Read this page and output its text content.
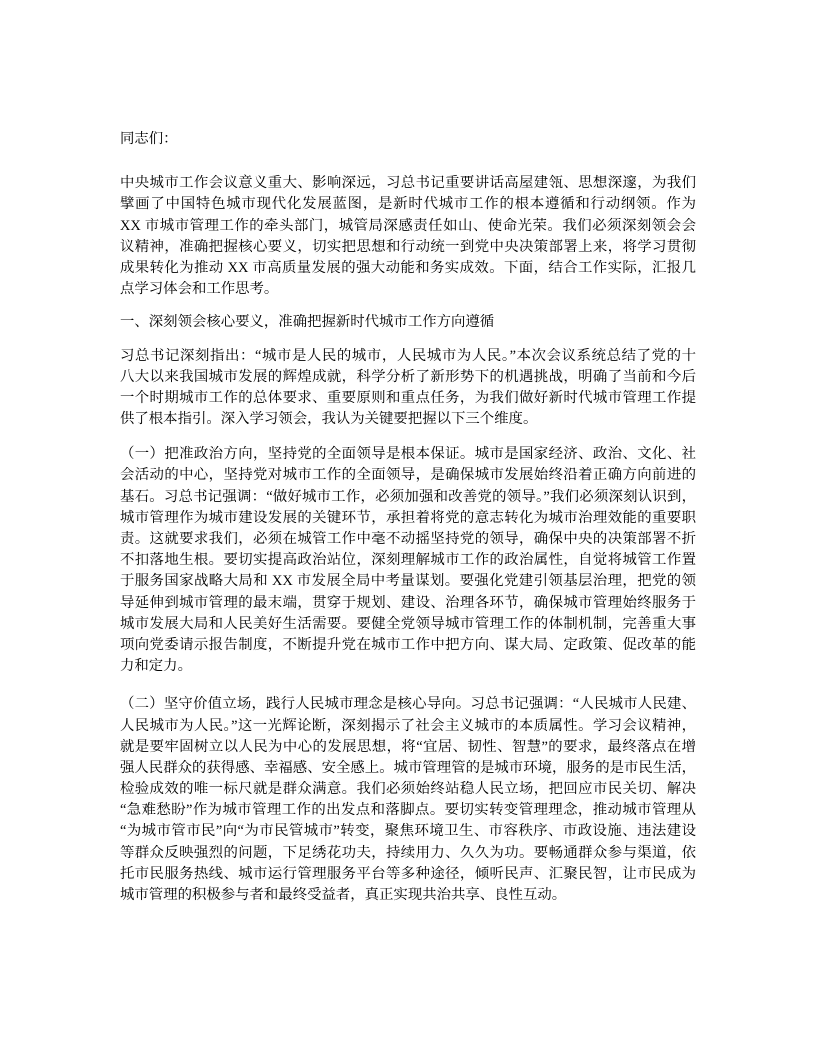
同志们：
中央城市工作会议意义重大、影响深远，习总书记重要讲话高屋建瓴、思想深邃，为我们
擘画了中国特色城市现代化发展蓝图，是新时代城市工作的根本遵循和行动纲领。作为
XX 市城市管理工作的牵头部门，城管局深感责任如山、使命光荣。我们必须深刻领会会
议精神，准确把握核心要义，切实把思想和行动统一到党中央决策部署上来，将学习贯彻
成果转化为推动 XX 市高质量发展的强大动能和务实成效。下面，结合工作实际，汇报几
点学习体会和工作思考。
一、深刻领会核心要义，准确把握新时代城市工作方向遵循
习总书记深刻指出：“城市是人民的城市，人民城市为人民。”本次会议系统总结了党的十
八大以来我国城市发展的辉煌成就，科学分析了新形势下的机遇挑战，明确了当前和今后
一个时期城市工作的总体要求、重要原则和重点任务，为我们做好新时代城市管理工作提
供了根本指引。深入学习领会，我认为关键要把握以下三个维度。
（一）把准政治方向，坚持党的全面领导是根本保证。城市是国家经济、政治、文化、社
会活动的中心，坚持党对城市工作的全面领导，是确保城市发展始终沿着正确方向前进的
基石。习总书记强调：“做好城市工作，必须加强和改善党的领导。”我们必须深刻认识到，
城市管理作为城市建设发展的关键环节，承担着将党的意志转化为城市治理效能的重要职
责。这就要求我们，必须在城管工作中毫不动摇坚持党的领导，确保中央的决策部署不折
不扣落地生根。要切实提高政治站位，深刻理解城市工作的政治属性，自觉将城管工作置
于服务国家战略大局和 XX 市发展全局中考量谋划。要强化党建引领基层治理，把党的领
导延伸到城市管理的最末端，贯穿于规划、建设、治理各环节，确保城市管理始终服务于
城市发展大局和人民美好生活需要。要健全党领导城市管理工作的体制机制，完善重大事
项向党委请示报告制度，不断提升党在城市工作中把方向、谋大局、定政策、促改革的能
力和定力。
（二）坚守价值立场，践行人民城市理念是核心导向。习总书记强调：“人民城市人民建、
人民城市为人民。”这一光辉论断，深刻揭示了社会主义城市的本质属性。学习会议精神，
就是要牢固树立以人民为中心的发展思想，将“宜居、韧性、智慧”的要求，最终落点在增
强人民群众的获得感、幸福感、安全感上。城市管理管的是城市环境，服务的是市民生活，
检验成效的唯一标尺就是群众满意。我们必须始终站稳人民立场，把回应市民关切、解决
“急难愁盼”作为城市管理工作的出发点和落脚点。要切实转变管理理念，推动城市管理从
“为城市管市民”向“为市民管城市”转变，聚焦环境卫生、市容秩序、市政设施、违法建设
等群众反映强烈的问题，下足绣花功夫，持续用力、久久为功。要畅通群众参与渠道，依
托市民服务热线、城市运行管理服务平台等多种途径，倾听民声、汇聚民智，让市民成为
城市管理的积极参与者和最终受益者，真正实现共治共享、良性互动。
